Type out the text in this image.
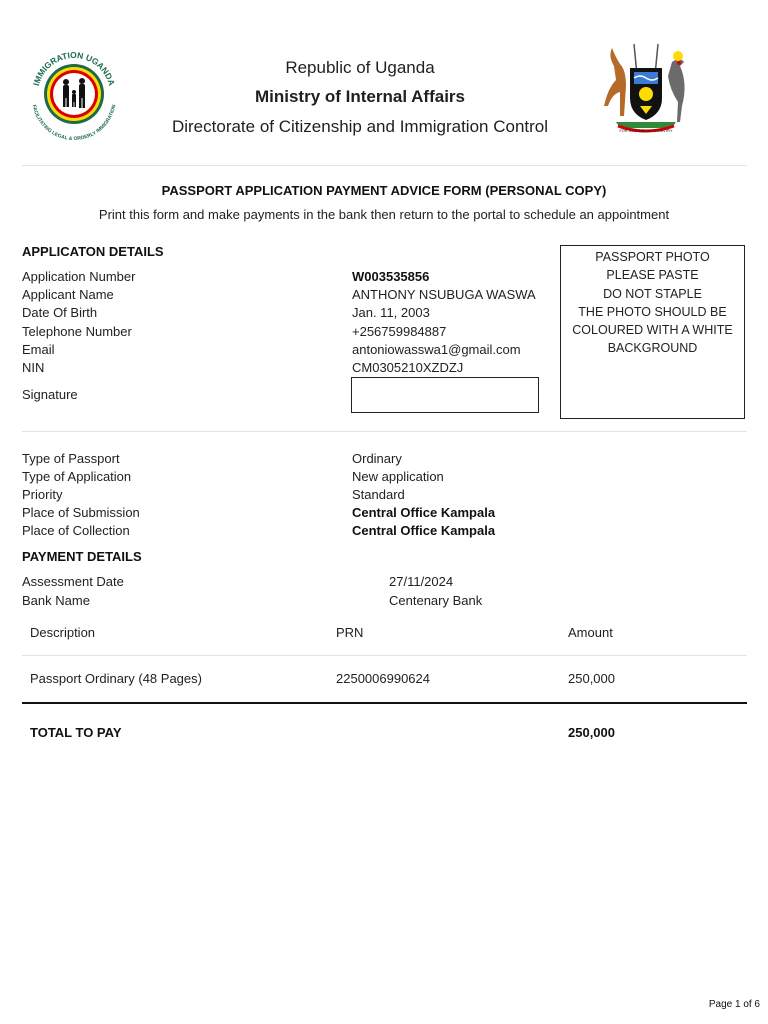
IMMIGRATION UGANDA
FACILITATING LEGAL & ORDERLY IMMIGRATION
Republic of Uganda
Ministry of Internal Affairs
Directorate of Citizenship and Immigration Control	FOR GOD AND MY COUNTRY
PASSPORT APPLICATION PAYMENT ADVICE FORM (PERSONAL COPY)
Print this form and make payments in the bank then return to the portal to schedule an appointment
APPLICATON DETAILS
Application Number	W003535856
Applicant Name	ANTHONY NSUBUGA WASWA
Date Of Birth	Jan. 11, 2003
Telephone Number	+256759984887
Email	antoniowasswa1@gmail.com
NIN	CM0305210XZDZJ
Signature
PASSPORT PHOTO
PLEASE PASTE
DO NOT STAPLE
THE PHOTO SHOULD BE
COLOURED WITH A WHITE
BACKGROUND
Type of Passport	Ordinary
Type of Application	New application
Priority	Standard
Place of Submission	Central Office Kampala
Place of Collection	Central Office Kampala
PAYMENT DETAILS
Assessment Date	27/11/2024
Bank Name	Centenary Bank
Description	PRN	Amount
Passport Ordinary (48 Pages)	2250006990624	250,000
TOTAL TO PAY	250,000
Page 1 of 6
